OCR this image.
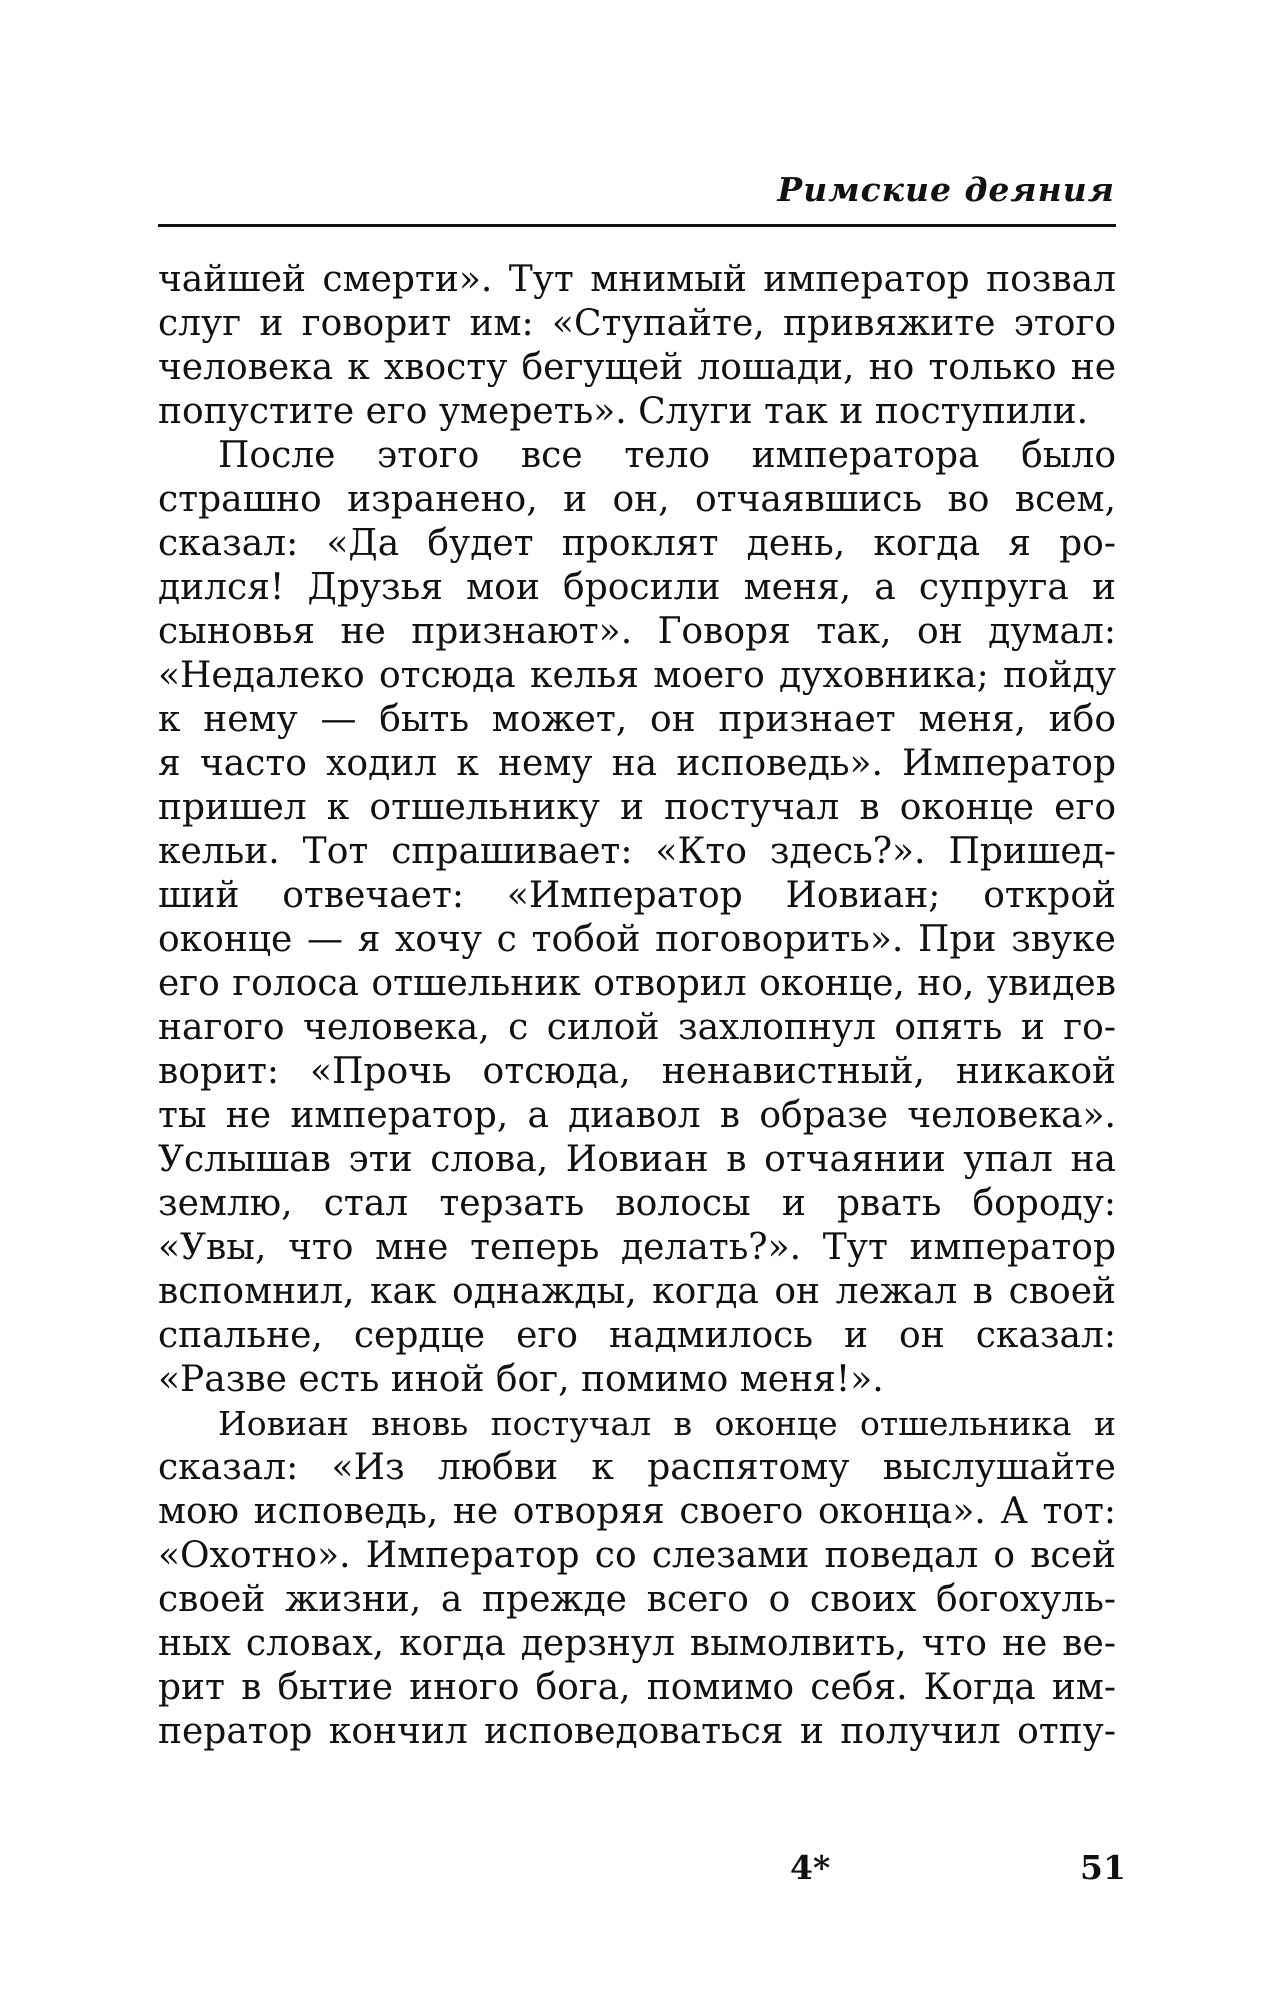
Римские деяния
чайшей смерти». Тут мнимый император позвал
слуг и говорит им: «Ступайте, привяжите этого
человека к хвосту бегущей лошади, но только не
попустите его умереть». Слуги так и поступили.
После этого все тело императора было
страшно изранено, и он, отчаявшись во всем,
сказал: «Да будет проклят день, когда я ро-
дился! Друзья мои бросили меня, а супруга и
сыновья не признают». Говоря так, он думал:
«Недалеко отсюда келья моего духовника; пойду
к нему — быть может, он признает меня, ибо
я часто ходил к нему на исповедь». Император
пришел к отшельнику и постучал в оконце его
кельи. Тот спрашивает: «Кто здесь?». Пришед-
ший отвечает: «Император Иовиан; открой
оконце — я хочу с тобой поговорить». При звуке
его голоса отшельник отворил оконце, но, увидев
нагого человека, с силой захлопнул опять и го-
ворит: «Прочь отсюда, ненавистный, никакой
ты не император, а диавол в образе человека».
Услышав эти слова, Иовиан в отчаянии упал на
землю, стал терзать волосы и рвать бороду:
«Увы, что мне теперь делать?». Тут император
вспомнил, как однажды, когда он лежал в своей
спальне, сердце его надмилось и он сказал:
«Разве есть иной бог, помимо меня!».
Иовиан вновь постучал в оконце отшельника и
сказал: «Из любви к распятому выслушайте
мою исповедь, не отворяя своего оконца». А тот:
«Охотно». Император со слезами поведал о всей
своей жизни, а прежде всего о своих богохуль-
ных словах, когда дерзнул вымолвить, что не ве-
рит в бытие иного бога, помимо себя. Когда им-
ператор кончил исповедоваться и получил отпу-
4*	51
